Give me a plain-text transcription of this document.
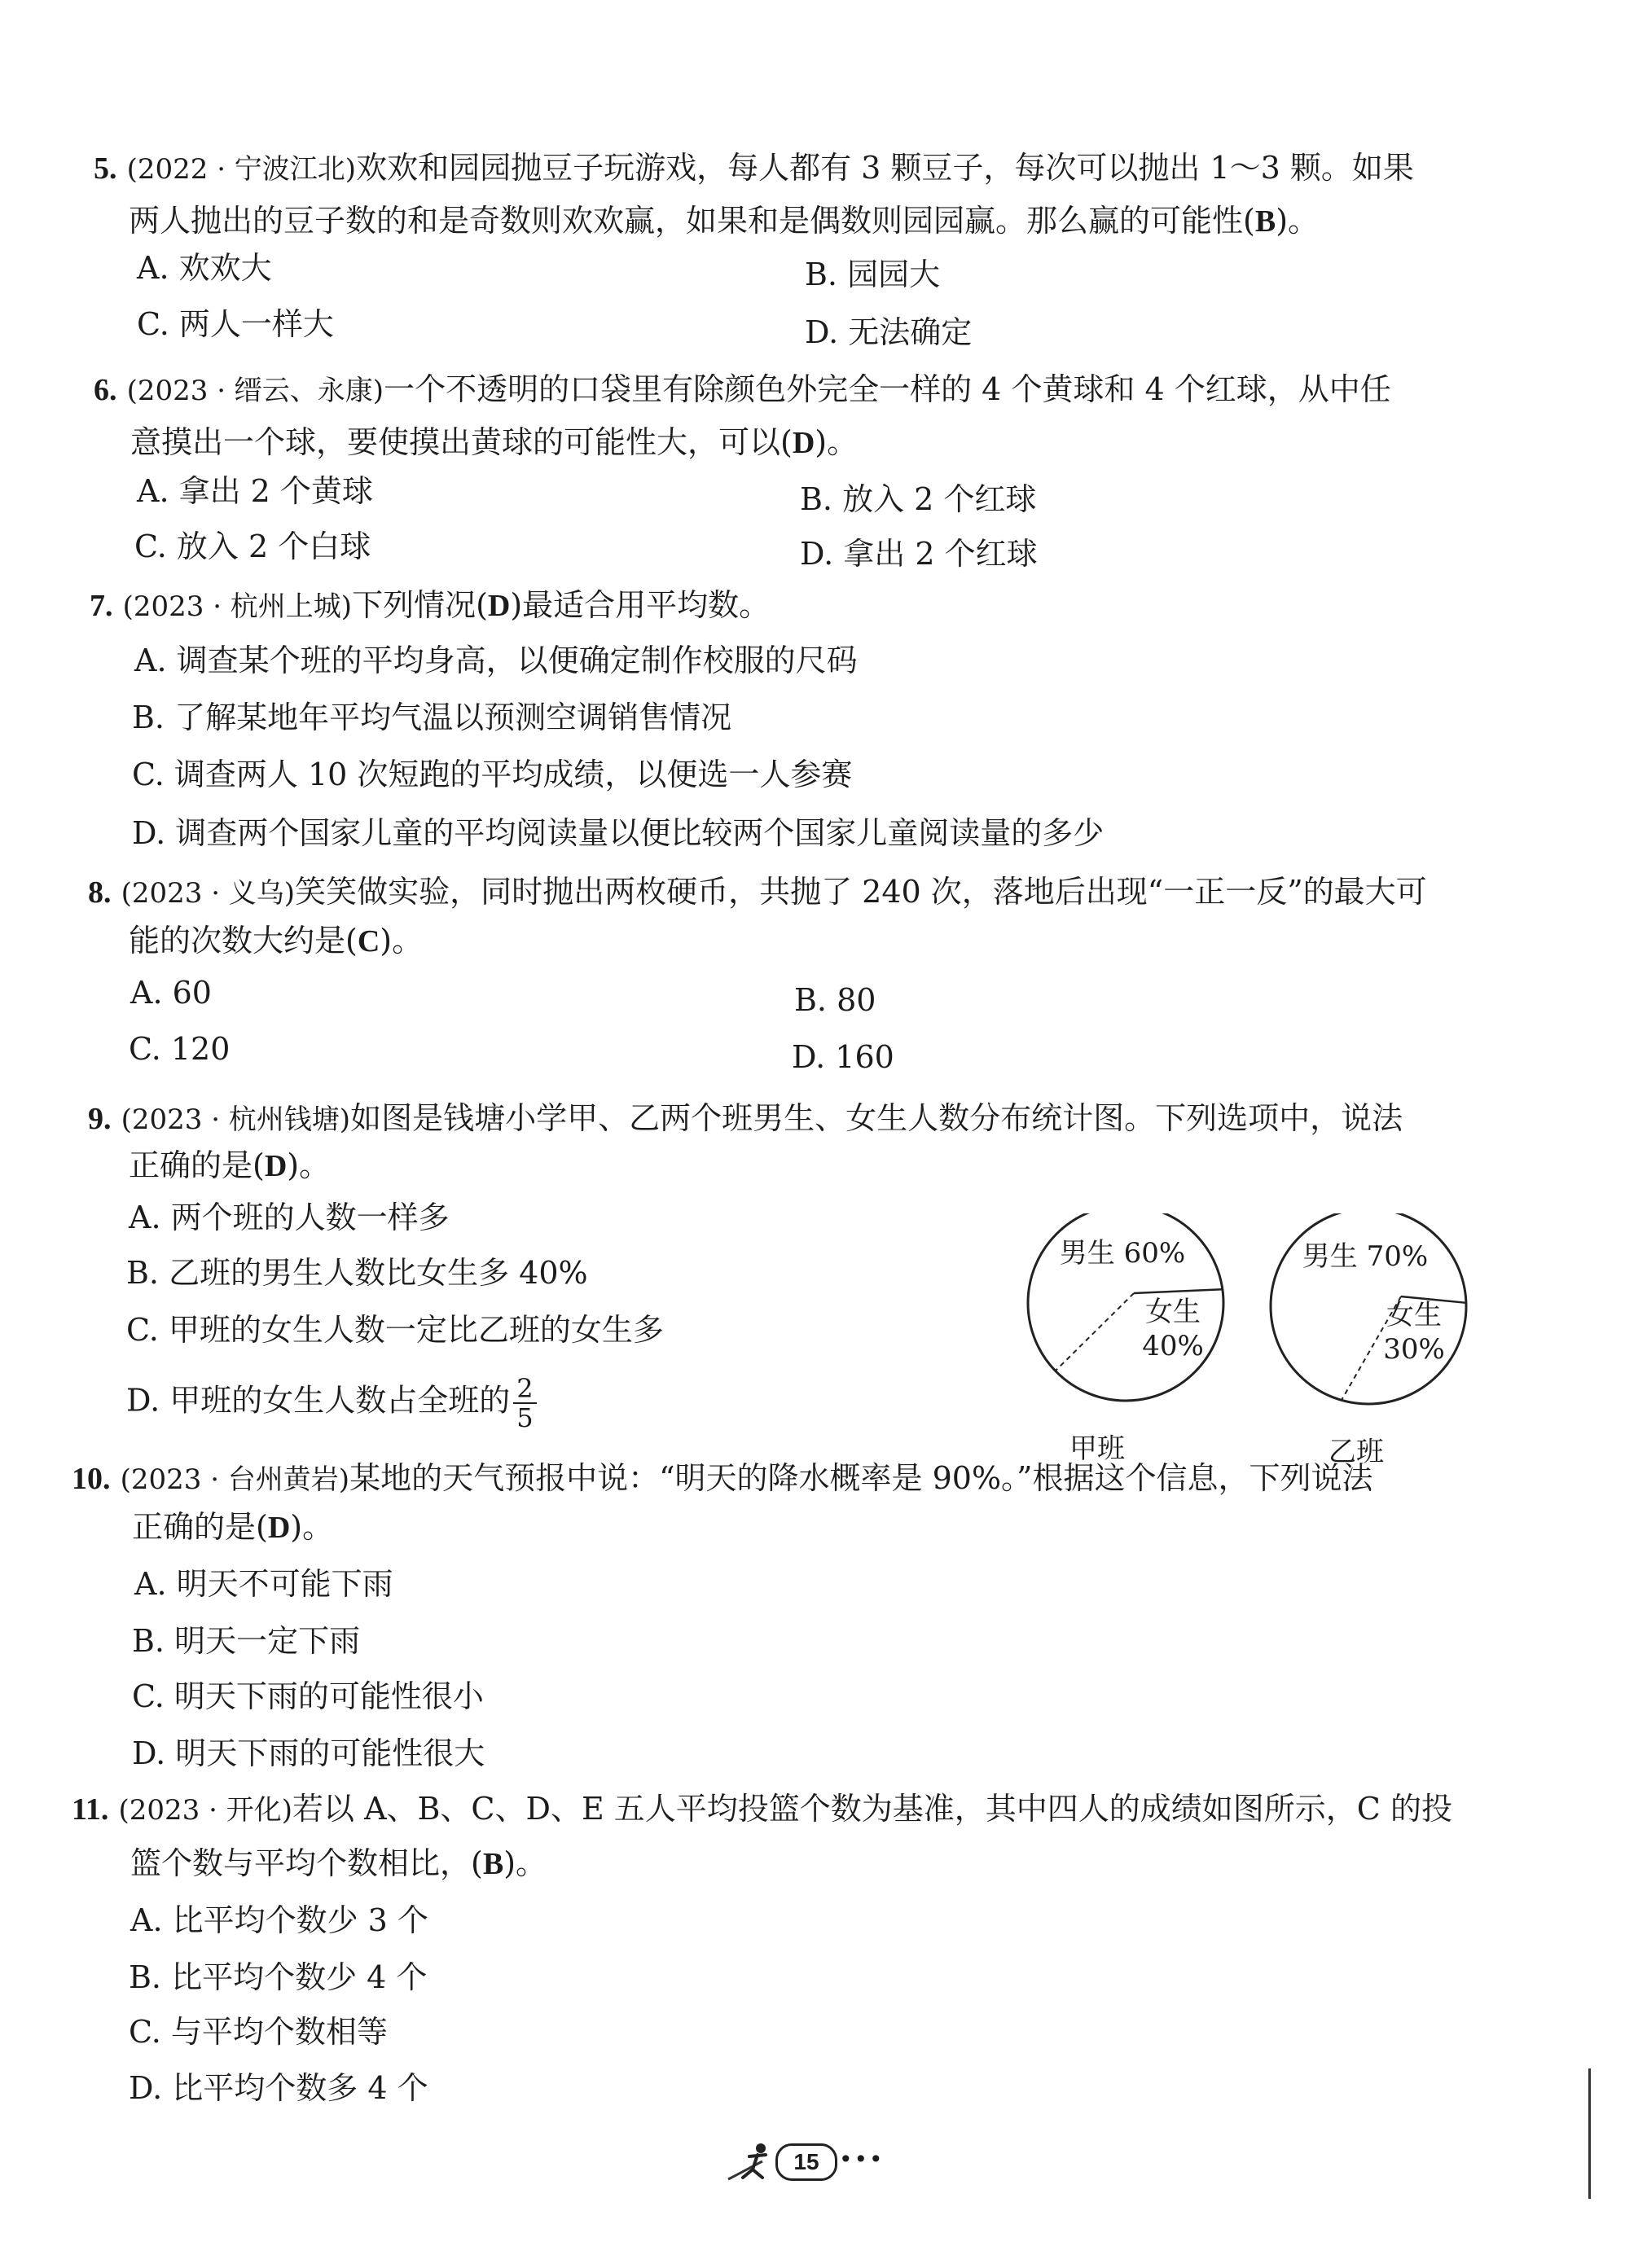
5. (2022 · 宁波江北)欢欢和园园抛豆子玩游戏，每人都有 3 颗豆子，每次可以抛出 1～3 颗。如果
两人抛出的豆子数的和是奇数则欢欢赢，如果和是偶数则园园赢。那么赢的可能性(B)。
A. 欢欢大	B. 园园大
C. 两人一样大	D. 无法确定
6. (2023 · 缙云、永康)一个不透明的口袋里有除颜色外完全一样的 4 个黄球和 4 个红球，从中任
意摸出一个球，要使摸出黄球的可能性大，可以(D)。
A. 拿出 2 个黄球	B. 放入 2 个红球
C. 放入 2 个白球	D. 拿出 2 个红球
7. (2023 · 杭州上城)下列情况(D)最适合用平均数。
A. 调查某个班的平均身高，以便确定制作校服的尺码
B. 了解某地年平均气温以预测空调销售情况
C. 调查两人 10 次短跑的平均成绩，以便选一人参赛
D. 调查两个国家儿童的平均阅读量以便比较两个国家儿童阅读量的多少
8. (2023 · 义乌)笑笑做实验，同时抛出两枚硬币，共抛了 240 次，落地后出现“一正一反”的最大可
能的次数大约是(C)。
A. 60	B. 80
C. 120	D. 160
9. (2023 · 杭州钱塘)如图是钱塘小学甲、乙两个班男生、女生人数分布统计图。下列选项中，说法
正确的是(D)。
A. 两个班的人数一样多
B. 乙班的男生人数比女生多 40%
C. 甲班的女生人数一定比乙班的女生多
D. 甲班的女生人数占全班的 $\frac{2}{5}$
男生 60%
女生
40%
甲班
男生 70%
女生
30%
乙班
10. (2023 · 台州黄岩)某地的天气预报中说：“明天的降水概率是 90%。”根据这个信息，下列说法
正确的是(D)。
A. 明天不可能下雨
B. 明天一定下雨
C. 明天下雨的可能性很小
D. 明天下雨的可能性很大
11. (2023 · 开化)若以 A、B、C、D、E 五人平均投篮个数为基准，其中四人的成绩如图所示，C 的投
篮个数与平均个数相比，(B)。
A. 比平均个数少 3 个
B. 比平均个数少 4 个
C. 与平均个数相等
D. 比平均个数多 4 个
15 •••
